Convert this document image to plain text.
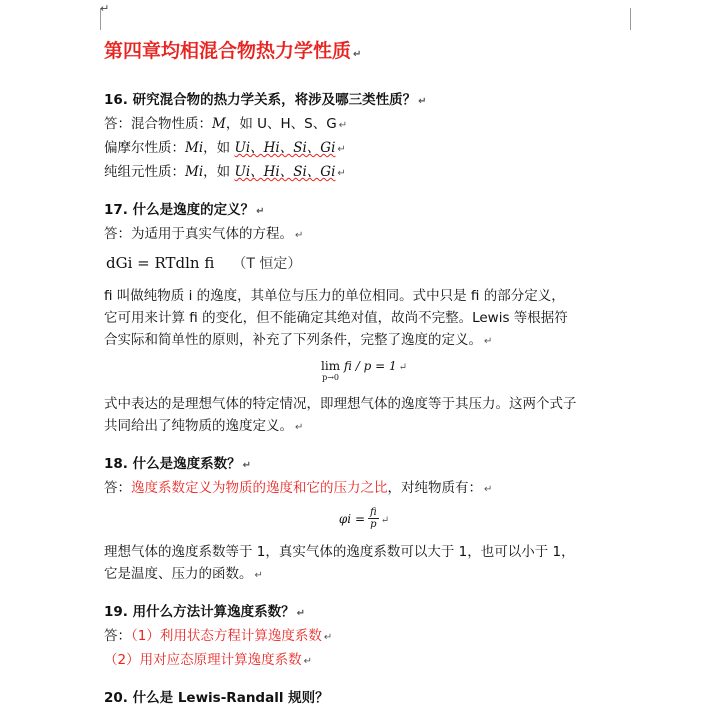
↵
第四章均相混合物热力学性质 ↵

16. 研究混合物的热力学关系，将涉及哪三类性质？ ↵

答：混合物性质：M，如 U、H、S、G ↵

偏摩尔性质：Mi，如 Ui、Hi、Si、Gi ↵

纯组元性质：Mi，如 Ui、Hi、Si、Gi ↵

17. 什么是逸度的定义？ ↵

答：为适用于真实气体的方程。 ↵

dGi = RTdln fi （T 恒定）

fi 叫做纯物质 i 的逸度，其单位与压力的单位相同。式中只是 fi 的部分定义，

它可用来计算 fi 的变化，但不能确定其绝对值，故尚不完整。Lewis 等根据符

合实际和简单性的原则，补充了下列条件，完整了逸度的定义。 ↵

lim
p→0
fi / p = 1 ↵

式中表达的是理想气体的特定情况，即理想气体的逸度等于其压力。这两个式子

共同给出了纯物质的逸度定义。 ↵

18. 什么是逸度系数？ ↵

答：逸度系数定义为物质的逸度和它的压力之比，对纯物质有： ↵

$\varphi i = \frac{fi}{p}$ ↵

理想气体的逸度系数等于 1，真实气体的逸度系数可以大于 1，也可以小于 1，

它是温度、压力的函数。 ↵

19. 用什么方法计算逸度系数？ ↵

答：（1）利用状态方程计算逸度系数 ↵

（2）用对应态原理计算逸度系数 ↵

20. 什么是 Lewis-Randall 规则？
